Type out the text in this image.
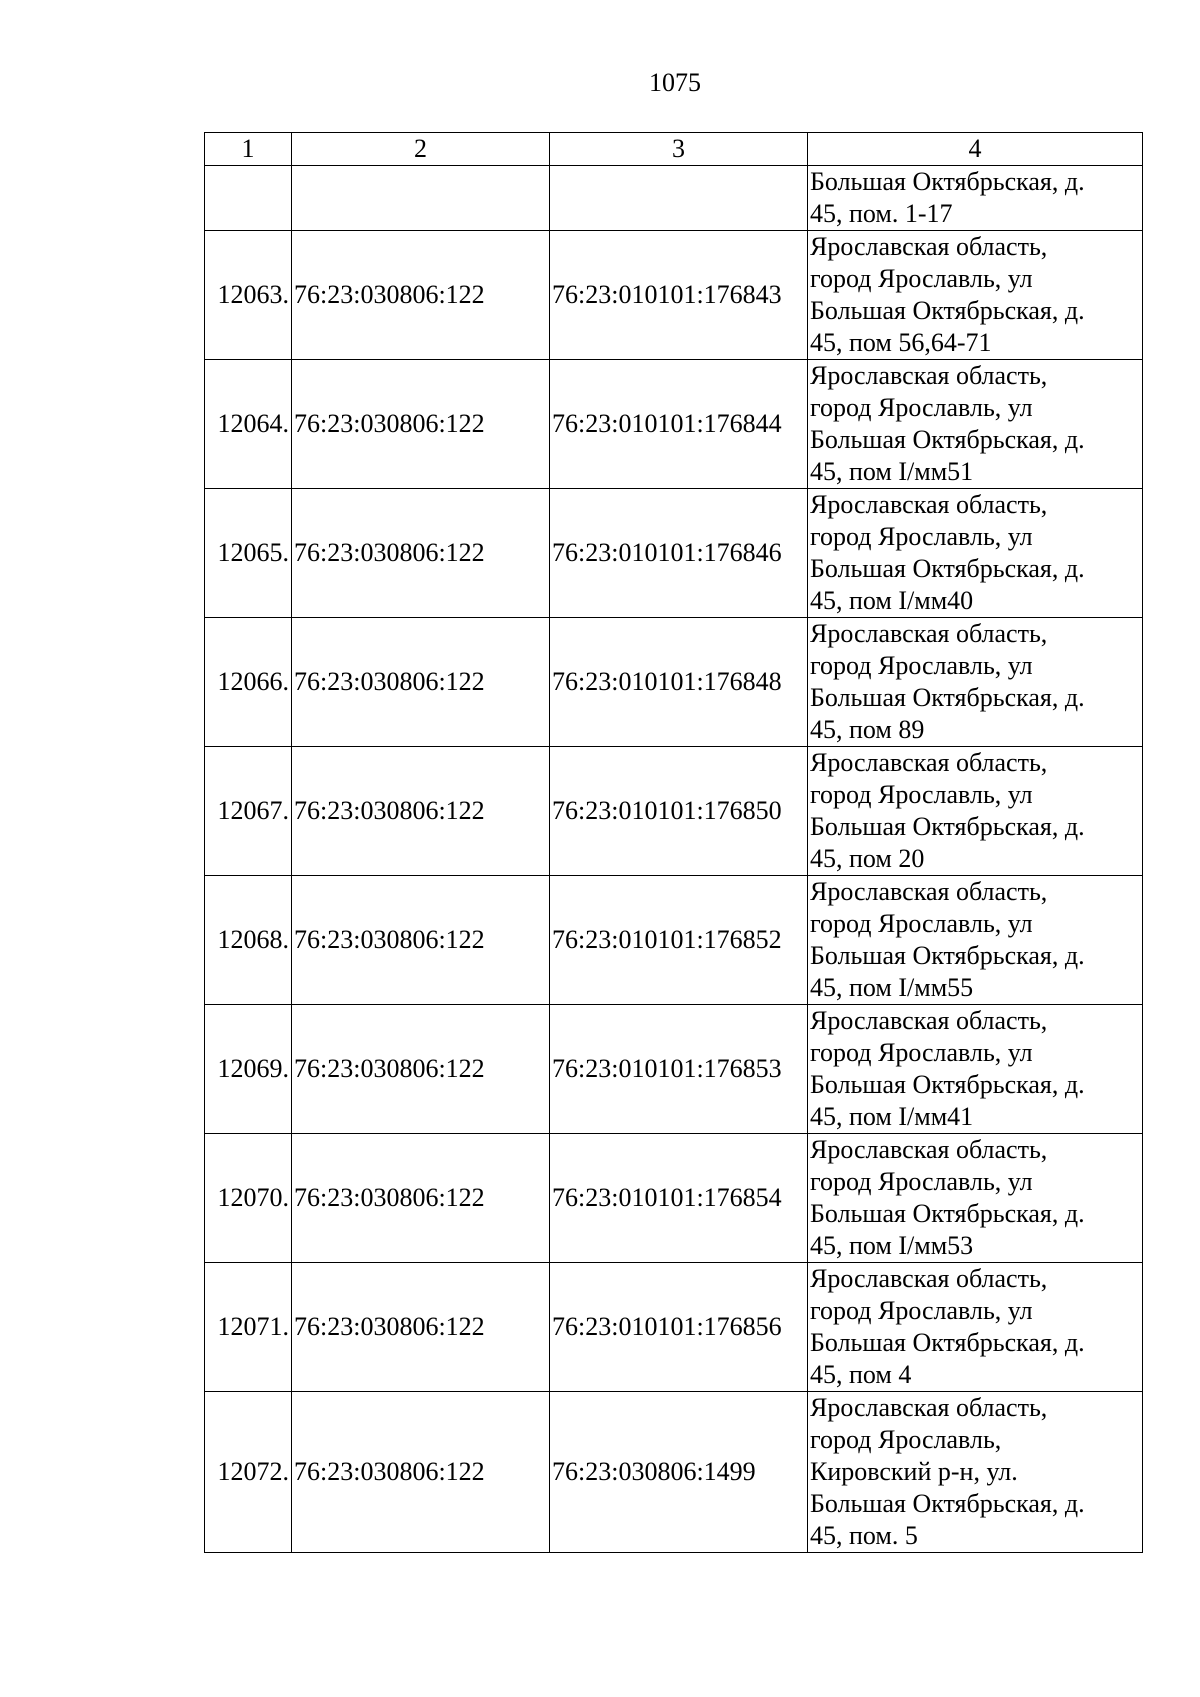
1075
1	2	3	4

			Большая Октябрьская, д.
45, пом. 1-17

12063.	76:23:030806:122	76:23:010101:176843	Ярославская область,
город Ярославль, ул
Большая Октябрьская, д.
45, пом 56,64-71

12064.	76:23:030806:122	76:23:010101:176844	Ярославская область,
город Ярославль, ул
Большая Октябрьская, д.
45, пом I/мм51

12065.	76:23:030806:122	76:23:010101:176846	Ярославская область,
город Ярославль, ул
Большая Октябрьская, д.
45, пом I/мм40

12066.	76:23:030806:122	76:23:010101:176848	Ярославская область,
город Ярославль, ул
Большая Октябрьская, д.
45, пом 89

12067.	76:23:030806:122	76:23:010101:176850	Ярославская область,
город Ярославль, ул
Большая Октябрьская, д.
45, пом 20

12068.	76:23:030806:122	76:23:010101:176852	Ярославская область,
город Ярославль, ул
Большая Октябрьская, д.
45, пом I/мм55

12069.	76:23:030806:122	76:23:010101:176853	Ярославская область,
город Ярославль, ул
Большая Октябрьская, д.
45, пом I/мм41

12070.	76:23:030806:122	76:23:010101:176854	Ярославская область,
город Ярославль, ул
Большая Октябрьская, д.
45, пом I/мм53

12071.	76:23:030806:122	76:23:010101:176856	Ярославская область,
город Ярославль, ул
Большая Октябрьская, д.
45, пом 4

12072.	76:23:030806:122	76:23:030806:1499	Ярославская область,
город Ярославль,
Кировский р-н, ул.
Большая Октябрьская, д.
45, пом. 5
